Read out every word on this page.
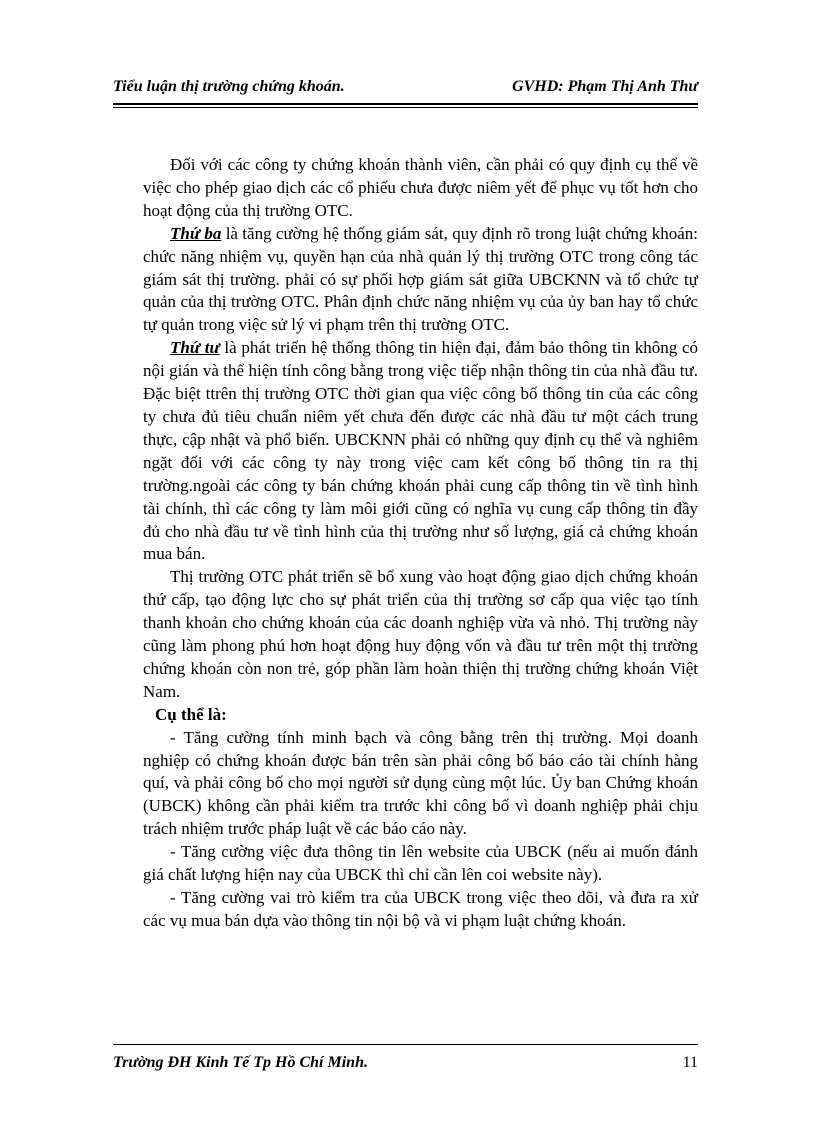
Tiểu luận thị trường chứng khoán.	GVHD: Phạm Thị Anh Thư

Đối với các công ty chứng khoán thành viên, cần phải có quy định cụ thể về việc cho phép giao dịch các cổ phiếu chưa được niêm yết để phục vụ tốt hơn cho hoạt động của thị trường OTC.

Thứ ba là tăng cường hệ thống giám sát, quy định rõ trong luật chứng khoán: chức năng nhiệm vụ, quyền hạn của nhà quản lý thị trường OTC trong công tác giám sát thị trường. phải có sự phối hợp giám sát giữa UBCKNN và tổ chức tự quản của thị trường OTC. Phân định chức năng nhiệm vụ của ủy ban hay tổ chức tự quản trong việc sử lý vi phạm trên thị trường OTC.

Thứ tư là phát triển hệ thống thông tin hiện đại, đảm bảo thông tin không có nội gián và thể hiện tính công bằng trong việc tiếp nhận thông tin của nhà đầu tư. Đặc biệt ttrên thị trường OTC thời gian qua việc công bố thông tin của các công ty chưa đủ tiêu chuẩn niêm yết chưa đến được các nhà đầu tư một cách trung thực, cập nhật và phổ biến. UBCKNN phải có những quy định cụ thể và nghiêm ngặt đối với các công ty này trong việc cam kết công bố thông tin ra thị trường.ngoài các công ty bán chứng khoán phải cung cấp thông tin về tình hình tài chính, thì các công ty làm môi giới cũng có nghĩa vụ cung cấp thông tin đầy đủ cho nhà đầu tư về tình hình của thị trường như số lượng, giá cả chứng khoán mua bán.

Thị trường OTC phát triển sẽ bổ xung vào hoạt động giao dịch chứng khoán thứ cấp, tạo động lực cho sự phát triển của thị trường sơ cấp qua việc tạo tính thanh khoản cho chứng khoán của các doanh nghiệp vừa và nhỏ. Thị trường này cũng làm phong phú hơn hoạt động huy động vốn và đầu tư trên một thị trường chứng khoán còn non trẻ, góp phần làm hoàn thiện thị trường chứng khoán Việt Nam.

Cụ thể là:

- Tăng cường tính minh bạch và công bằng trên thị trường. Mọi doanh nghiệp có chứng khoán được bán trên sàn phải công bố báo cáo tài chính hàng quí, và phải công bố cho mọi người sử dụng cùng một lúc. Ủy ban Chứng khoán (UBCK) không cần phải kiểm tra trước khi công bố vì doanh nghiệp phải chịu trách nhiệm trước pháp luật về các báo cáo này.

- Tăng cường việc đưa thông tin lên website của UBCK (nếu ai muốn đánh giá chất lượng hiện nay của UBCK thì chỉ cần lên coi website này).

- Tăng cường vai trò kiểm tra của UBCK trong việc theo dõi, và đưa ra xử các vụ mua bán dựa vào thông tin nội bộ và vi phạm luật chứng khoán.

Trường ĐH Kinh Tế Tp Hồ Chí Minh.	11
